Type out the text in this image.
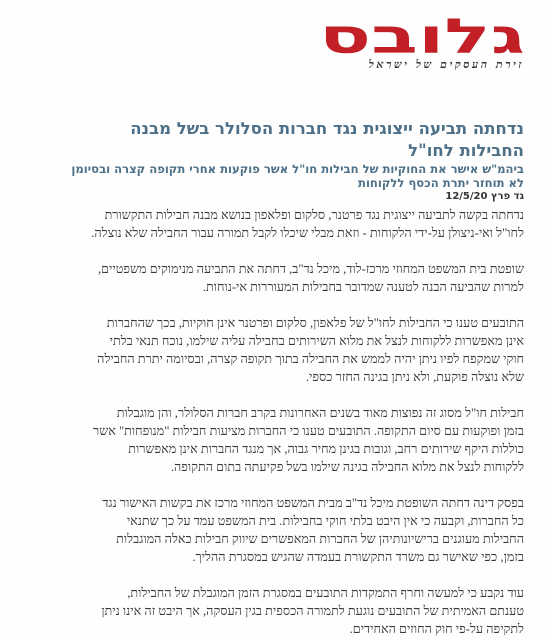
גלובס
זירת העסקים של ישראל
נדחתה תביעה ייצוגית נגד חברות הסלולר בשל מבנה
החבילות לחו"ל
ביהמ"ש אישר את החוקיות של חבילות חו"ל אשר פוקעות אחרי תקופה קצרה ובסיומן
לא תוחזר יתרת הכסף ללקוחות
גד פרץ 12/5/20

נדחתה בקשה לתביעה ייצוגית נגד פרטנר, סלקום ופלאפון בנושא מבנה חבילות התקשורת
לחו"ל ואי-ניצולן על-ידי הלקוחות - וזאת מבלי שיכלו לקבל תמורה עבור החבילה שלא נוצלה.

שופטת בית המשפט המחוזי מרכז-לוד, מיכל נד"ב, דחתה את התביעה מנימוקים משפטיים,
למרות שהביעה הבנה לטענה שמדובר בחבילות המעוררות אי-נוחות.

התובעים טענו כי החבילות לחו"ל של פלאפון, סלקום ופרטנר אינן חוקיות, בכך שהחברות
אינן מאפשרות ללקוחות לנצל את מלוא השירותים בחבילה עליה שילמו, נוכח תנאי בלתי
חוקי שמקפח לפיו ניתן יהיה לממש את החבילה בתוך תקופה קצרה, ובסיומה יתרת החבילה
שלא נוצלה פוקעת, ולא ניתן בגינה החזר כספי.

חבילות חו"ל מסוג זה נפוצות מאוד בשנים האחרונות בקרב חברות הסלולר, והן מוגבלות
בזמן ופוקעות עם סיום התקופה. התובעים טענו כי החברות מציעות חבילות "מנופחות" אשר
כוללות היקף שירותים רחב, וגובות בגינן מחיר גבוה, אך מנגד החברות אינן מאפשרות
ללקוחות לנצל את מלוא החבילה בגינה שילמו בשל פקיעתה בתום התקופה.

בפסק דינה דחתה השופטת מיכל נד"ב מבית המשפט המחוזי מרכז את בקשות האישור נגד
כל החברות, וקבעה כי אין היבט בלתי חוקי בחבילות. בית המשפט עמד על כך שתנאי
החבילות מעוגנים ברישיונותיהן של החברות המאפשרים שיווק חבילות כאלה המוגבלות
בזמן, כפי שאישר גם משרד התקשורת בעמדה שהגיש במסגרת ההליך.

עוד נקבע כי למעשה וחרף התמקדות התובעים במסגרת הזמן המוגבלת של החבילות,
טענתם האמיתית של התובעים נוגעת לתמורה הכספית בגין העסקה, אך היבט זה אינו ניתן
לתקיפה על-פי חוק החוזים האחידים.
